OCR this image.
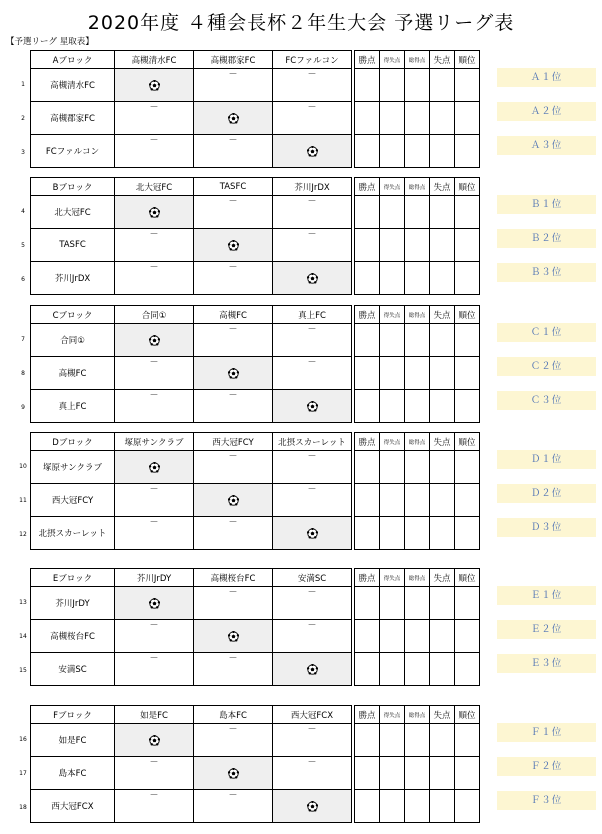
2020年度 ４種会長杯２年生大会 予選リーグ表
【予選リーグ 星取表】
1
Ａ１位
2
Ａ２位
3
Ａ３位
Aブロック	高槻清水FC	高槻郡家FC	FCファルコン		勝点	得失点	総得点	失点	順位
高槻清水FC		－	－						
高槻郡家FC	－		－						
FCファルコン	－	－							
4
Ｂ１位
5
Ｂ２位
6
Ｂ３位
Bブロック	北大冠FC	TASFC	芥川JrDX		勝点	得失点	総得点	失点	順位
北大冠FC		－	－						
TASFC	－		－						
芥川JrDX	－	－							
7
Ｃ１位
8
Ｃ２位
9
Ｃ３位
Cブロック	合同①	高槻FC	真上FC		勝点	得失点	総得点	失点	順位
合同①		－	－						
高槻FC	－		－						
真上FC	－	－							
10
Ｄ１位
11
Ｄ２位
12
Ｄ３位
Dブロック	塚原サンクラブ	西大冠FCY	北摂スカーレット		勝点	得失点	総得点	失点	順位
塚原サンクラブ		－	－						
西大冠FCY	－		－						
北摂スカーレット	－	－							
13
Ｅ１位
14
Ｅ２位
15
Ｅ３位
Eブロック	芥川JrDY	高槻桜台FC	安満SC		勝点	得失点	総得点	失点	順位
芥川JrDY		－	－						
高槻桜台FC	－		－						
安満SC	－	－							
16
Ｆ１位
17
Ｆ２位
18
Ｆ３位
Fブロック	如是FC	島本FC	西大冠FCX		勝点	得失点	総得点	失点	順位
如是FC		－	－						
島本FC	－		－						
西大冠FCX	－	－							
